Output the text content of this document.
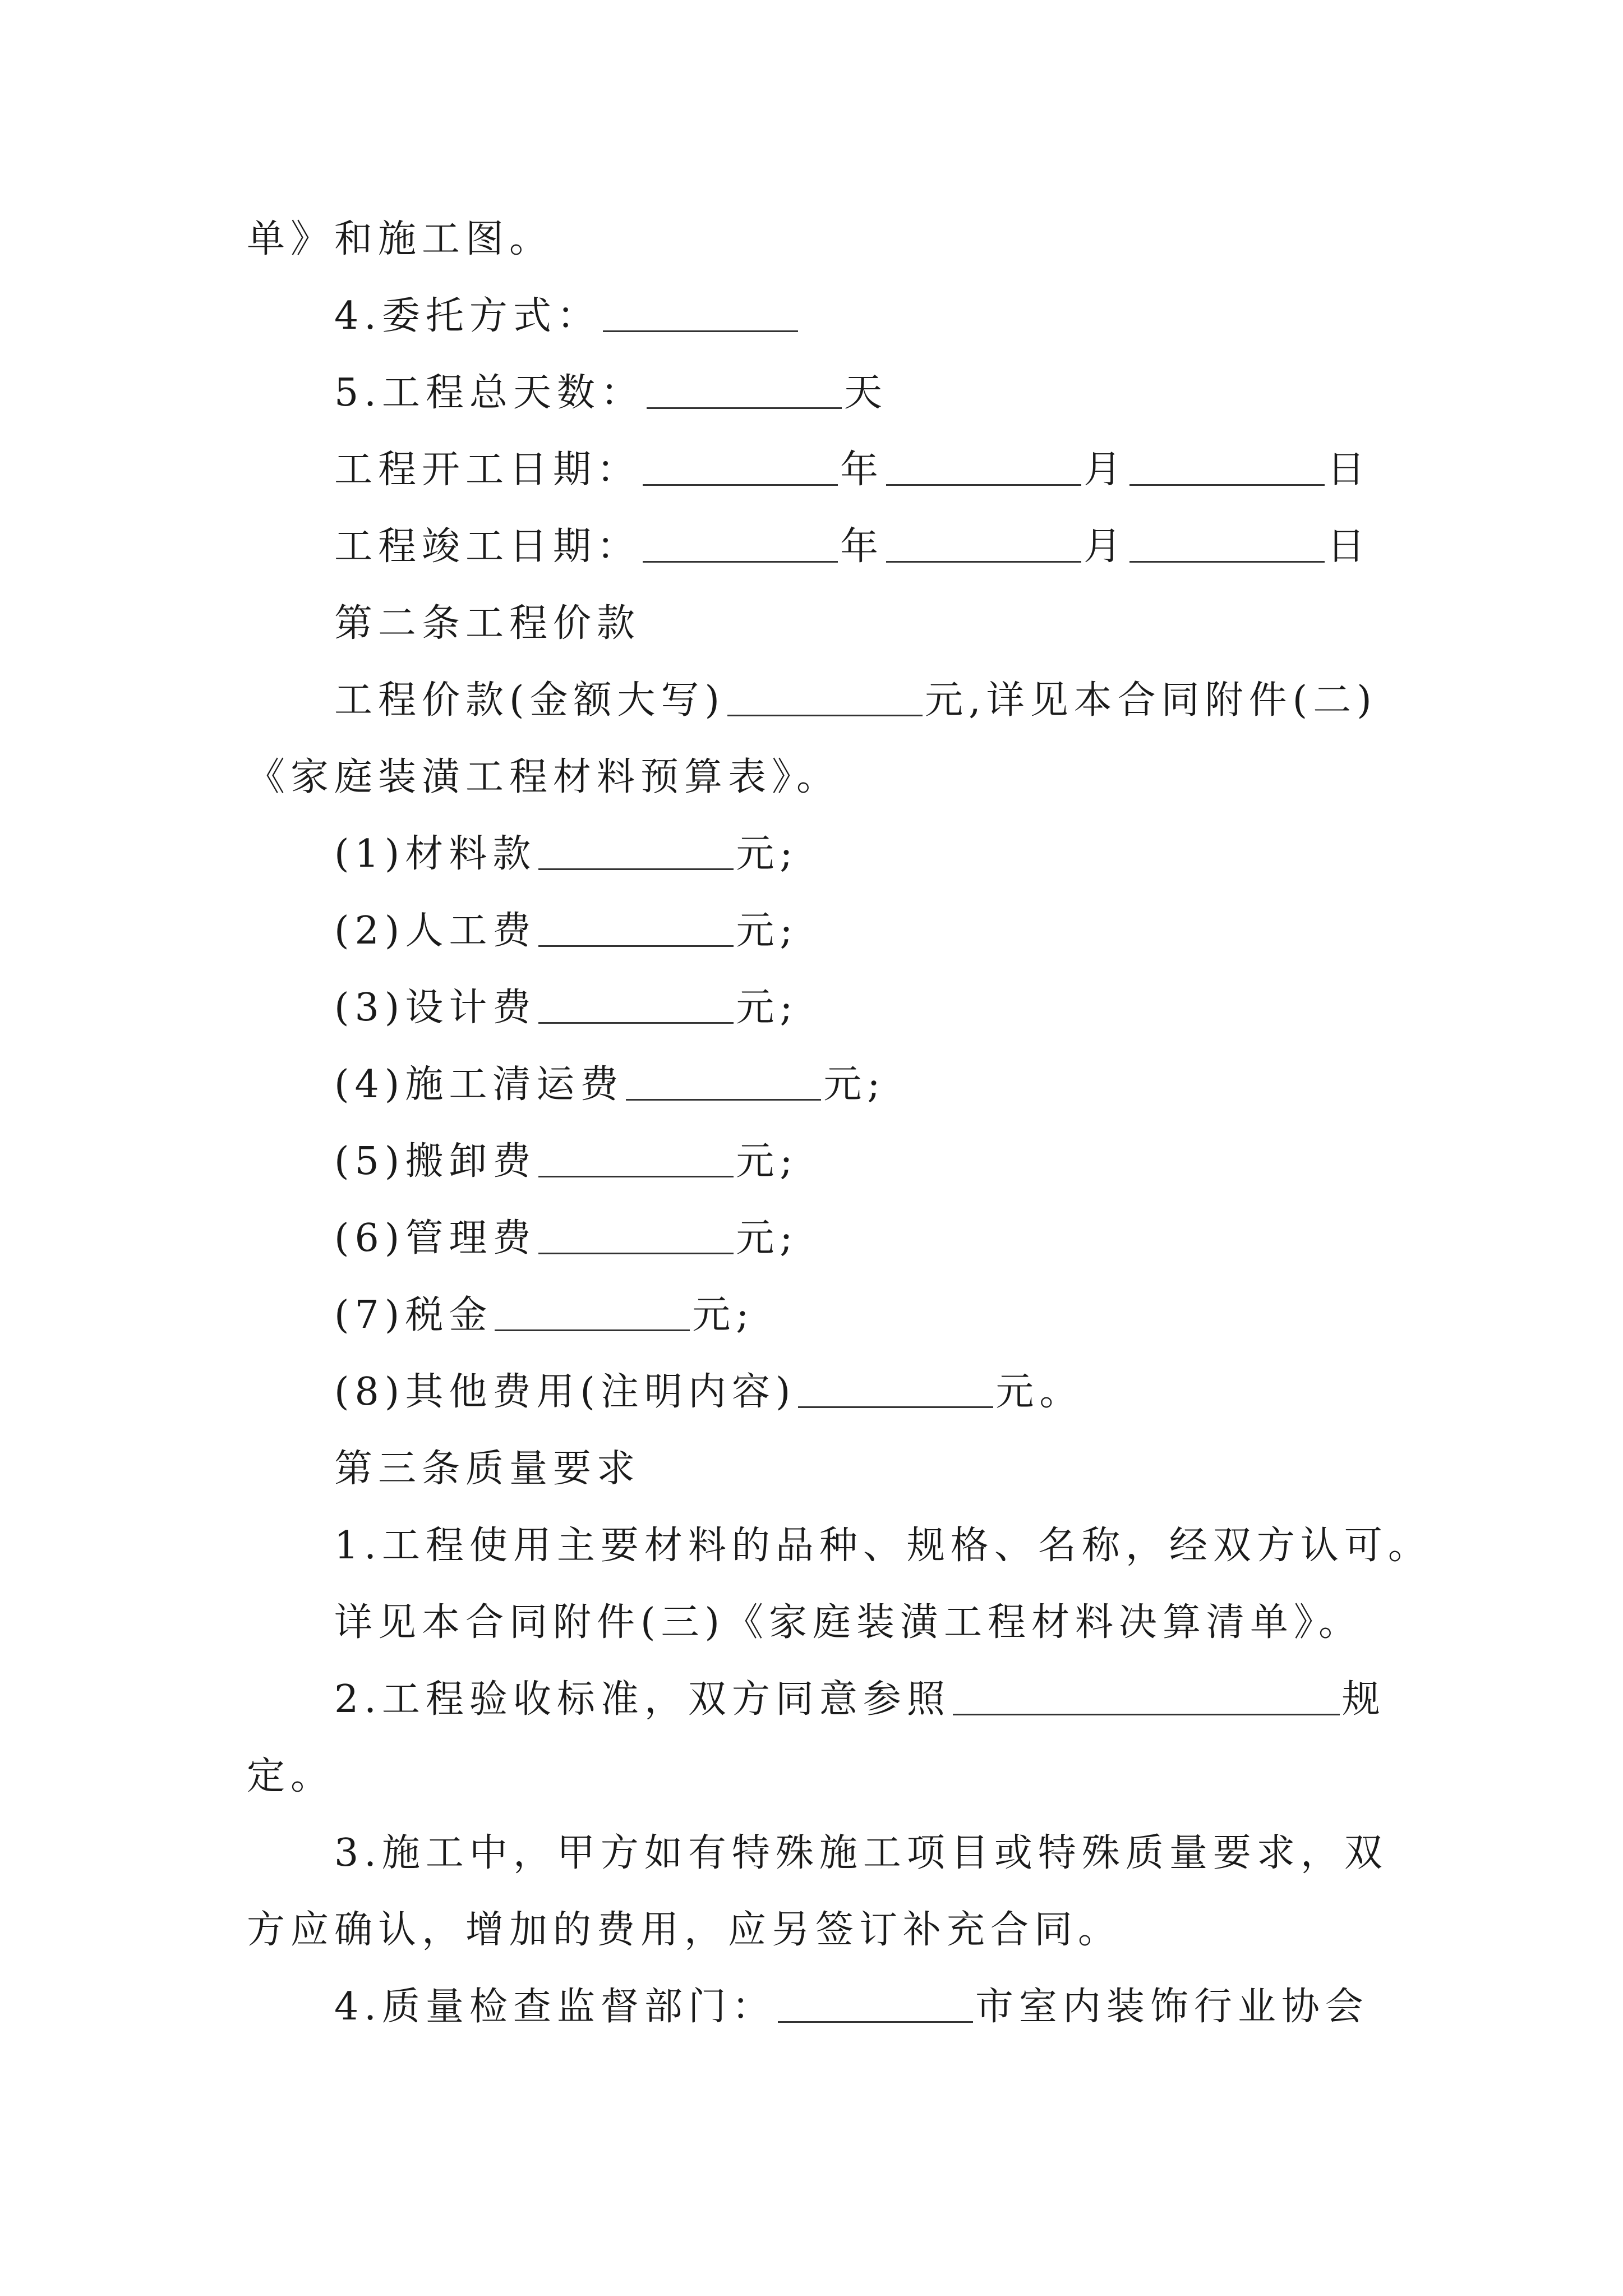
单》和施工图。
4.委托方式：
5.工程总天数：	天
工程开工日期：	年	月	日
工程竣工日期：	年	月	日
第二条工程价款
工程价款(金额大写)	元,详见本合同附件(二)
《家庭装潢工程材料预算表》。
(1)材料款	元;
(2)人工费	元;
(3)设计费	元;
(4)施工清运费	元;
(5)搬卸费	元;
(6)管理费	元;
(7)税金	元;
(8)其他费用(注明内容)	元。
第三条质量要求
1.工程使用主要材料的品种、规格、名称，经双方认可。
详见本合同附件(三)《家庭装潢工程材料决算清单》。
2.工程验收标准，双方同意参照	规
定。
3.施工中，甲方如有特殊施工项目或特殊质量要求，双
方应确认，增加的费用，应另签订补充合同。
4.质量检查监督部门：	市室内装饰行业协会
